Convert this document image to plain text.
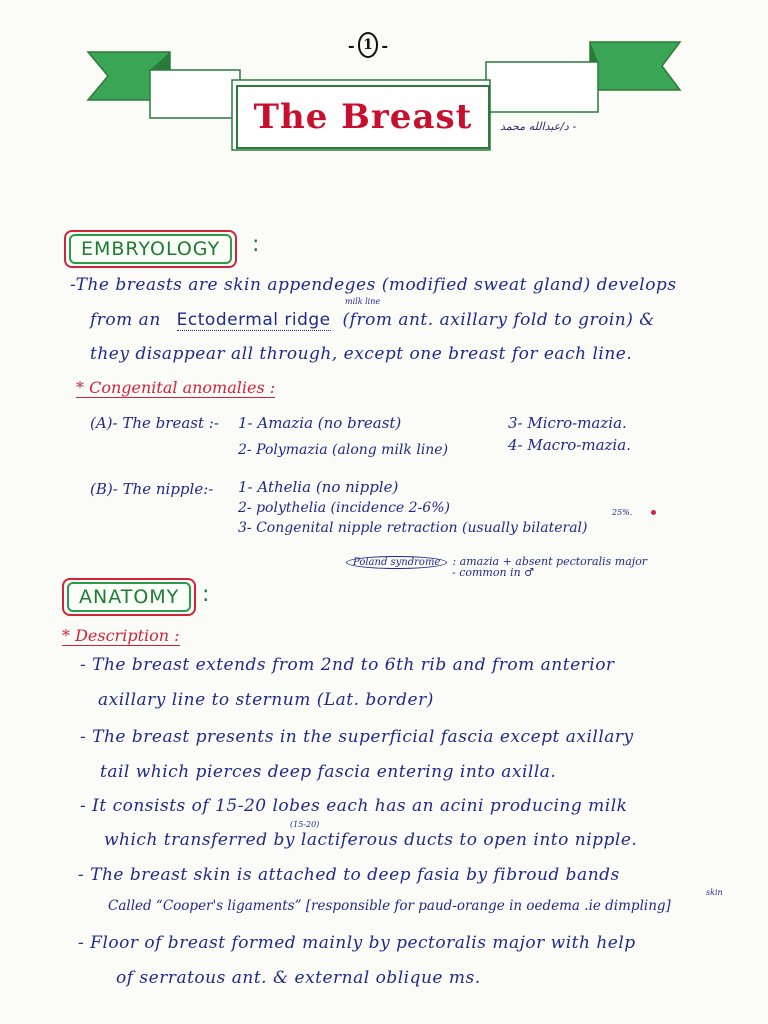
The Breast
- 1 -
د/عبدالله محمد -
EMBRYOLOGY	:
-The breasts are skin appendeges (modified sweat gland) develops
milk line
from an Ectodermal ridge (from ant. axillary fold to groin) &
they disappear all through, except one breast for each line.
* Congenital anomalies :
(A)- The breast :- 1- Amazia (no breast)
2- Polymazia (along milk line)
3- Micro-mazia.
4- Macro-mazia.
(B)- The nipple:- 1- Athelia (no nipple)
2- polythelia (incidence 2-6%)	25%.
3- Congenital nipple retraction (usually bilateral)
Poland syndrome : amazia + absent pectoralis major
- common in ♂
ANATOMY	:
* Description :
- The breast extends from 2nd to 6th rib and from anterior
axillary line to sternum (Lat. border)
- The breast presents in the superficial fascia except axillary
tail which pierces deep fascia entering into axilla.
- It consists of 15-20 lobes each has an acini producing milk
(15-20)
which transferred by lactiferous ducts to open into nipple.
- The breast skin is attached to deep fasia by fibroud bands
skin
Called “Cooper's ligaments” [responsible for paud-orange in oedema .ie dimpling]
- Floor of breast formed mainly by pectoralis major with help
of serratous ant. & external oblique ms.
